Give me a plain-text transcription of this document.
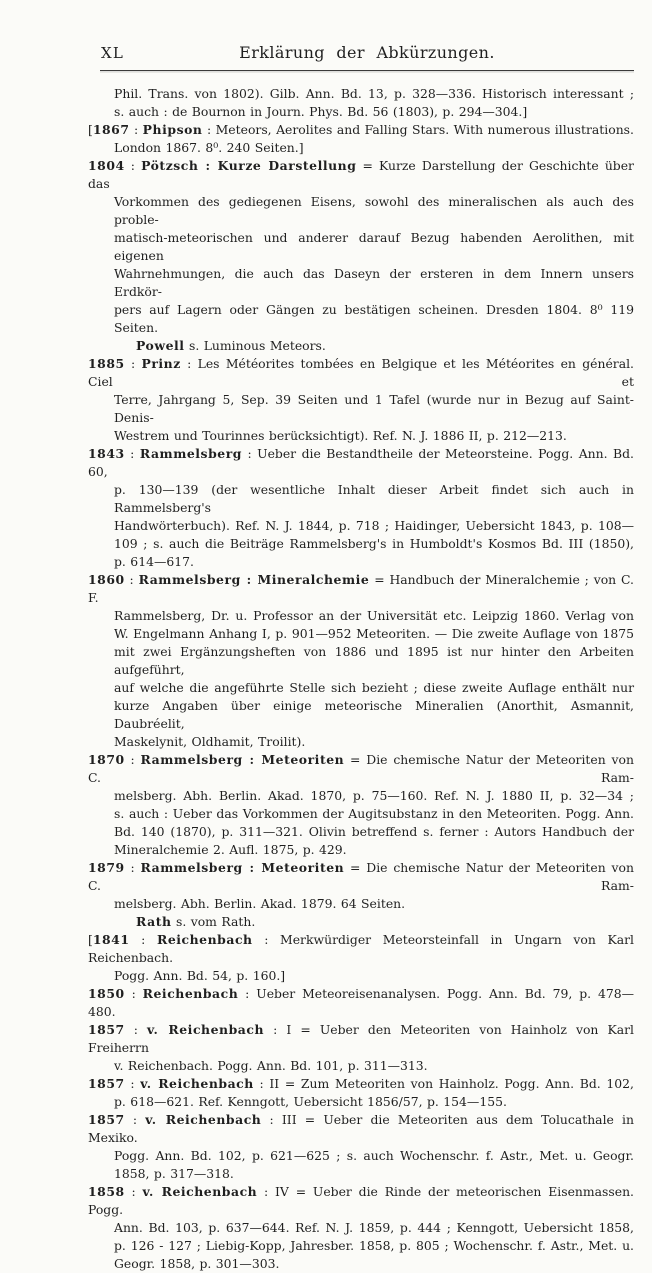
XL	Erklärung der Abkürzungen.
Phil. Trans. von 1802). Gilb. Ann. Bd. 13, p. 328—336. Historisch interessant ;
s. auch : de Bournon in Journ. Phys. Bd. 56 (1803), p. 294—304.]
[1867 : Phipson : Meteors, Aerolites and Falling Stars. With numerous illustrations.
London 1867. 8⁰. 240 Seiten.]
1804 : Pötzsch : Kurze Darstellung = Kurze Darstellung der Geschichte über das
Vorkommen des gediegenen Eisens, sowohl des mineralischen als auch des proble-
matisch-meteorischen und anderer darauf Bezug habenden Aerolithen, mit eigenen
Wahrnehmungen, die auch das Daseyn der ersteren in dem Innern unsers Erdkör-
pers auf Lagern oder Gängen zu bestätigen scheinen. Dresden 1804. 8⁰ 119 Seiten.
Powell s. Luminous Meteors.
1885 : Prinz : Les Météorites tombées en Belgique et les Météorites en général. Ciel et
Terre, Jahrgang 5, Sep. 39 Seiten und 1 Tafel (wurde nur in Bezug auf Saint-Denis-
Westrem und Tourinnes berücksichtigt). Ref. N. J. 1886 II, p. 212—213.
1843 : Rammelsberg : Ueber die Bestandtheile der Meteorsteine. Pogg. Ann. Bd. 60,
p. 130—139 (der wesentliche Inhalt dieser Arbeit findet sich auch in Rammelsberg's
Handwörterbuch). Ref. N. J. 1844, p. 718 ; Haidinger, Uebersicht 1843, p. 108—
109 ; s. auch die Beiträge Rammelsberg's in Humboldt's Kosmos Bd. III (1850),
p. 614—617.
1860 : Rammelsberg : Mineralchemie = Handbuch der Mineralchemie ; von C. F.
Rammelsberg, Dr. u. Professor an der Universität etc. Leipzig 1860. Verlag von
W. Engelmann Anhang I, p. 901—952 Meteoriten. — Die zweite Auflage von 1875
mit zwei Ergänzungsheften von 1886 und 1895 ist nur hinter den Arbeiten aufgeführt,
auf welche die angeführte Stelle sich bezieht ; diese zweite Auflage enthält nur
kurze Angaben über einige meteorische Mineralien (Anorthit, Asmannit, Daubréelit,
Maskelynit, Oldhamit, Troilit).
1870 : Rammelsberg : Meteoriten = Die chemische Natur der Meteoriten von C. Ram-
melsberg. Abh. Berlin. Akad. 1870, p. 75—160. Ref. N. J. 1880 II, p. 32—34 ;
s. auch : Ueber das Vorkommen der Augitsubstanz in den Meteoriten. Pogg. Ann.
Bd. 140 (1870), p. 311—321. Olivin betreffend s. ferner : Autors Handbuch der
Mineralchemie 2. Aufl. 1875, p. 429.
1879 : Rammelsberg : Meteoriten = Die chemische Natur der Meteoriten von C. Ram-
melsberg. Abh. Berlin. Akad. 1879. 64 Seiten.
Rath s. vom Rath.
[1841 : Reichenbach : Merkwürdiger Meteorsteinfall in Ungarn von Karl Reichenbach.
Pogg. Ann. Bd. 54, p. 160.]
1850 : Reichenbach : Ueber Meteoreisenanalysen. Pogg. Ann. Bd. 79, p. 478—480.
1857 : v. Reichenbach : I = Ueber den Meteoriten von Hainholz von Karl Freiherrn
v. Reichenbach. Pogg. Ann. Bd. 101, p. 311—313.
1857 : v. Reichenbach : II = Zum Meteoriten von Hainholz. Pogg. Ann. Bd. 102,
p. 618—621. Ref. Kenngott, Uebersicht 1856/57, p. 154—155.
1857 : v. Reichenbach : III = Ueber die Meteoriten aus dem Tolucathale in Mexiko.
Pogg. Ann. Bd. 102, p. 621—625 ; s. auch Wochenschr. f. Astr., Met. u. Geogr.
1858, p. 317—318.
1858 : v. Reichenbach : IV = Ueber die Rinde der meteorischen Eisenmassen. Pogg.
Ann. Bd. 103, p. 637—644. Ref. N. J. 1859, p. 444 ; Kenngott, Uebersicht 1858,
p. 126 - 127 ; Liebig-Kopp, Jahresber. 1858, p. 805 ; Wochenschr. f. Astr., Met. u.
Geogr. 1858, p. 301—303.
